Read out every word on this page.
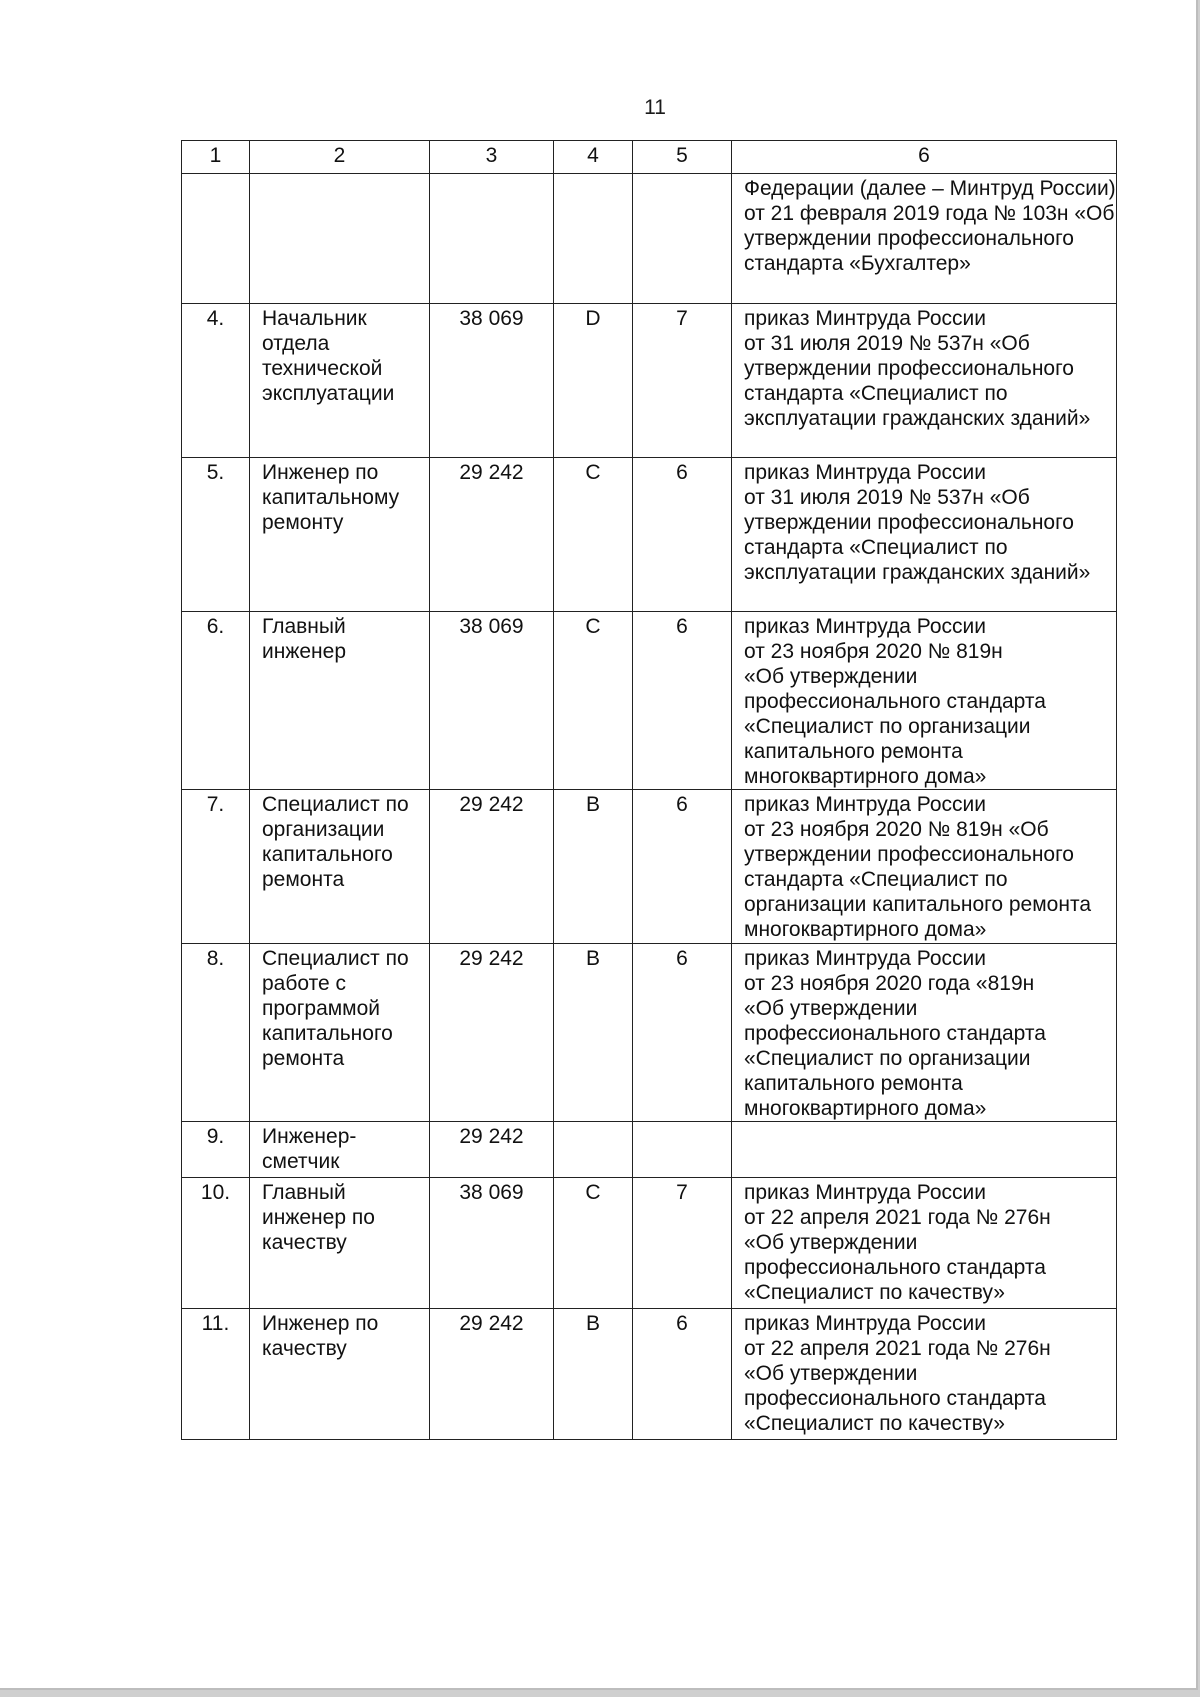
11
1	2	3	4	5	6
					Федерации (далее – Минтруд России) от 21 февраля 2019 года № 103н «Об утверждении профессионального стандарта «Бухгалтер»
4.	Начальник отдела технической эксплуатации	38 069	D	7	приказ Минтруда России
от 31 июля 2019 № 537н «Об утверждении профессионального стандарта «Специалист по эксплуатации гражданских зданий»
5.	Инженер по капитальному ремонту	29 242	C	6	приказ Минтруда России
от 31 июля 2019 № 537н «Об утверждении профессионального стандарта «Специалист по эксплуатации гражданских зданий»
6.	Главный инженер	38 069	C	6	приказ Минтруда России
от 23 ноября 2020 № 819н
«Об утверждении профессионального стандарта «Специалист по организации капитального ремонта многоквартирного дома»
7.	Специалист по организации капитального ремонта	29 242	B	6	приказ Минтруда России
от 23 ноября 2020 № 819н «Об утверждении профессионального стандарта «Специалист по организации капитального ремонта многоквартирного дома»
8.	Специалист по работе с программой капитального ремонта	29 242	B	6	приказ Минтруда России
от 23 ноября 2020 года «819н
«Об утверждении профессионального стандарта «Специалист по организации капитального ремонта многоквартирного дома»
9.	Инженер-сметчик	29 242			
10.	Главный инженер по качеству	38 069	C	7	приказ Минтруда России
от 22 апреля 2021 года № 276н
«Об утверждении профессионального стандарта «Специалист по качеству»
11.	Инженер по качеству	29 242	B	6	приказ Минтруда России
от 22 апреля 2021 года № 276н
«Об утверждении профессионального стандарта «Специалист по качеству»
